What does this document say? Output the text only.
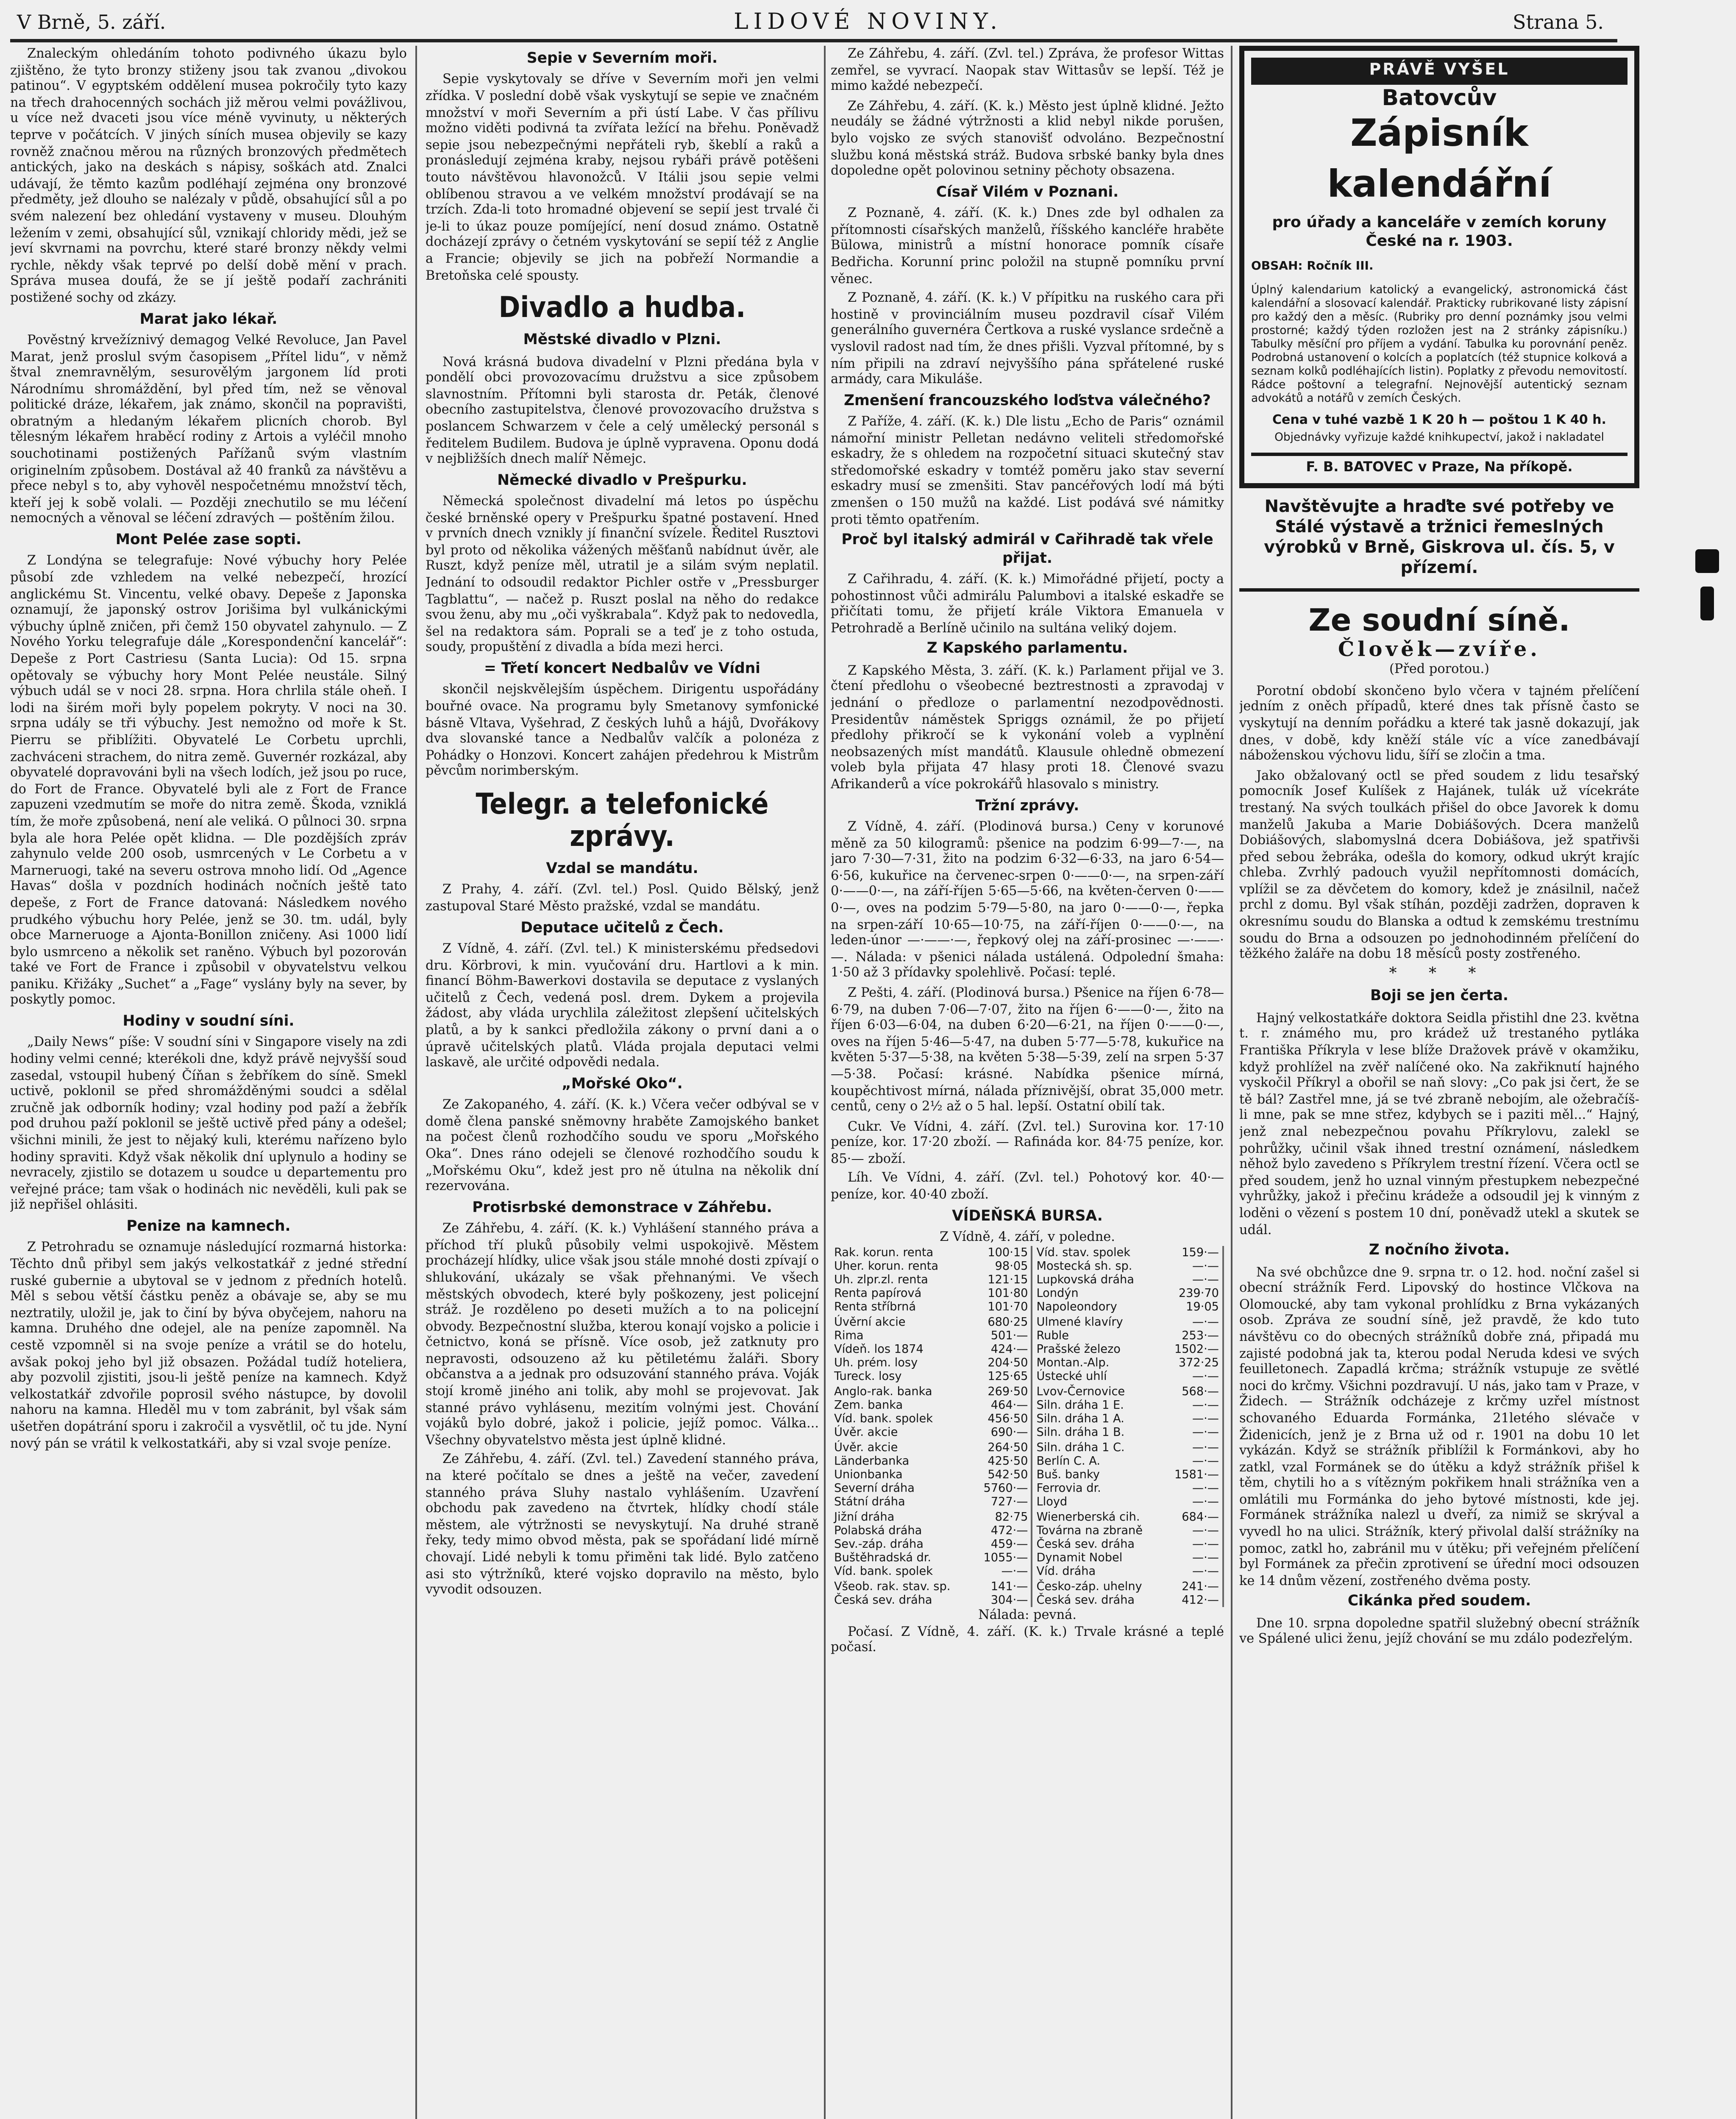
V Brně, 5. září.	LIDOVÉ NOVINY.	Strana 5.

Znaleckým ohledáním tohoto podivného úkazu bylo zjištěno, že tyto bronzy stiženy jsou tak zvanou „divokou patinou“. V egyptském oddělení musea pokročily tyto kazy na třech drahocenných sochách již měrou velmi povážlivou, u více než dvaceti jsou více méně vyvinuty, u některých teprve v počátcích. V jiných síních musea objevily se kazy rovněž značnou měrou na různých bronzových předmětech antických, jako na deskách s nápisy, soškách atd. Znalci udávají, že těmto kazům podléhají zejména ony bronzové předměty, jež dlouho se nalézaly v půdě, obsahující sůl a po svém nalezení bez ohledání vystaveny v museu. Dlouhým ležením v zemi, obsahující sůl, vznikají chloridy mědi, jež se jeví skvrnami na povrchu, které staré bronzy někdy velmi rychle, někdy však teprvé po delší době mění v prach. Správa musea doufá, že se jí ještě podaří zachrániti postižené sochy od zkázy.

Marat jako lékař.

Pověstný krvežíznivý demagog Velké Revoluce, Jan Pavel Marat, jenž proslul svým časopisem „Přítel lidu“, v němž štval znemravnělým, sesurovělým jargonem líd proti Národnímu shromáždění, byl před tím, než se věnoval politické dráze, lékařem, jak známo, skončil na popravišti, obratným a hledaným lékařem plicních chorob. Byl tělesným lékařem hraběcí rodiny z Artois a vyléčil mnoho souchotinami postižených Pařížanů svým vlastním originelním způsobem. Dostával až 40 franků za návštěvu a přece nebyl s to, aby vyhověl nespočetnému množství těch, kteří jej k sobě volali. — Později znechutilo se mu léčení nemocných a věnoval se léčení zdravých — poštěním žilou.

Mont Pelée zase sopti.

Z Londýna se telegrafuje: Nové výbuchy hory Pelée působí zde vzhledem na velké nebezpečí, hrozící anglickému St. Vincentu, velké obavy. Depeše z Japonska oznamují, že japonský ostrov Jorišima byl vulkánickými výbuchy úplně zničen, při čemž 150 obyvatel zahynulo. — Z Nového Yorku telegrafuje dále „Korespondenční kancelář“: Depeše z Port Castriesu (Santa Lucia): Od 15. srpna opětovaly se výbuchy hory Mont Pelée neustále. Silný výbuch udál se v noci 28. srpna. Hora chrlila stále oheň. I lodi na širém moři byly popelem pokryty. V noci na 30. srpna udály se tři výbuchy. Jest nemožno od moře k St. Pierru se přiblížiti. Obyvatelé Le Corbetu uprchli, zachváceni strachem, do nitra země. Guvernér rozkázal, aby obyvatelé dopravováni byli na všech lodích, jež jsou po ruce, do Fort de France. Obyvatelé byli ale z Fort de France zapuzeni vzedmutím se moře do nitra země. Škoda, vzniklá tím, že moře způsobená, není ale veliká. O půlnoci 30. srpna byla ale hora Pelée opět klidna. — Dle pozdějších zpráv zahynulo velde 200 osob, usmrcených v Le Corbetu a v Marneruogi, také na severu ostrova mnoho lidí. Od „Agence Havas“ došla v pozdních hodinách nočních ještě tato depeše, z Fort de France datovaná: Následkem nového prudkého výbuchu hory Pelée, jenž se 30. tm. udál, byly obce Marneruoge a Ajonta-Bonillon zničeny. Asi 1000 lidí bylo usmrceno a několik set raněno. Výbuch byl pozorován také ve Fort de France i způsobil v obyvatelstvu velkou paniku. Křižáky „Suchet“ a „Fage“ vyslány byly na sever, by poskytly pomoc.

Hodiny v soudní síni.

„Daily News“ píše: V soudní síni v Singapore visely na zdi hodiny velmi cenné; kterékoli dne, když právě nejvyšší soud zasedal, vstoupil hubený Číňan s žebříkem do síně. Smekl uctivě, poklonil se před shromážděnými soudci a sdělal zručně jak odborník hodiny; vzal hodiny pod paží a žebřík pod druhou paží poklonil se ještě uctivě před pány a odešel; všichni minili, že jest to nějaký kuli, kterému nařízeno bylo hodiny spraviti. Když však několik dní uplynulo a hodiny se nevracely, zjistilo se dotazem u soudce u departementu pro veřejné práce; tam však o hodinách nic nevěděli, kuli pak se již nepřišel ohlásiti.

Penize na kamnech.

Z Petrohradu se oznamuje následující rozmarná historka: Těchto dnů přibyl sem jakýs velkostatkář z jedné střední ruské gubernie a ubytoval se v jednom z předních hotelů. Měl s sebou větší částku peněz a obávaje se, aby se mu neztratily, uložil je, jak to činí by býva obyčejem, nahoru na kamna. Druhého dne odejel, ale na peníze zapomněl. Na cestě vzpomněl si na svoje peníze a vrátil se do hotelu, avšak pokoj jeho byl již obsazen. Požádal tudíž hoteliera, aby pozvolil zjistiti, jsou-li ještě peníze na kamnech. Když velkostatkář zdvořile poprosil svého nástupce, by dovolil nahoru na kamna. Hleděl mu v tom zabránit, byl však sám ušetřen dopátrání sporu i zakročil a vysvětlil, oč tu jde. Nyní nový pán se vrátil k velkostatkáři, aby si vzal svoje peníze.

Sepie v Severním moři.

Sepie vyskytovaly se dříve v Severním moři jen velmi zřídka. V poslední době však vyskytují se sepie ve značném množství v moři Severním a při ústí Labe. V čas přílivu možno viděti podivná ta zvířata ležící na břehu. Poněvadž sepie jsou nebezpečnými nepřáteli ryb, škeblí a raků a pronásledují zejména kraby, nejsou rybáři právě potěšeni touto návštěvou hlavonožců. V Itálii jsou sepie velmi oblíbenou stravou a ve velkém množství prodávají se na trzích. Zda-li toto hromadné objevení se sepií jest trvalé či je-li to úkaz pouze pomíjející, není dosud známo. Ostatně docházejí zprávy o četném vyskytování se sepií též z Anglie a Francie; objevily se jich na pobřeží Normandie a Bretoňska celé spousty.

Divadlo a hudba.
Městské divadlo v Plzni.

Nová krásná budova divadelní v Plzni předána byla v pondělí obci provozovacímu družstvu a sice způsobem slavnostním. Přítomni byli starosta dr. Peták, členové obecního zastupitelstva, členové provozovacího družstva s poslancem Schwarzem v čele a celý umělecký personál s ředitelem Budilem. Budova je úplně vypravena. Oponu dodá v nejbližších dnech malíř Němejc.

Německé divadlo v Prešpurku.

Německá společnost divadelní má letos po úspěchu české brněnské opery v Prešpurku špatné postavení. Hned v prvních dnech vznikly jí finanční svízele. Ředitel Rusztovi byl proto od několika vážených měšťanů nabídnut úvěr, ale Ruszt, když peníze měl, utratil je a silám svým neplatil. Jednání to odsoudil redaktor Pichler ostře v „Pressburger Tagblattu“, — načež p. Ruszt poslal na něho do redakce svou ženu, aby mu „oči vyškrabala“. Když pak to nedovedla, šel na redaktora sám. Poprali se a teď je z toho ostuda, soudy, propuštění z divadla a bída mezi herci.

= Třetí koncert Nedbalův ve Vídni

skončil nejskvělejším úspěchem. Dirigentu uspořádány bouřné ovace. Na programu byly Smetanovy symfonické básně Vltava, Vyšehrad, Z českých luhů a hájů, Dvořákovy dva slovanské tance a Nedbalův valčík a polonéza z Pohádky o Honzovi. Koncert zahájen předehrou k Mistrům pěvcům norimberským.

Telegr. a telefonické zprávy.
Vzdal se mandátu.

Z Prahy, 4. září. (Zvl. tel.) Posl. Quido Bělský, jenž zastupoval Staré Město pražské, vzdal se mandátu.

Deputace učitelů z Čech.

Z Vídně, 4. září. (Zvl. tel.) K ministerskému předsedovi dru. Körbrovi, k min. vyučování dru. Hartlovi a k min. financí Böhm-Bawerkovi dostavila se deputace z vyslaných učitelů z Čech, vedená posl. drem. Dykem a projevila žádost, aby vláda urychlila záležitost zlepšení učitelských platů, a by k sankci předložila zákony o první dani a o úpravě učitelských platů. Vláda projala deputaci velmi laskavě, ale určité odpovědi nedala.

„Mořské Oko“.

Ze Zakopaného, 4. září. (K. k.) Včera večer odbýval se v domě člena panské sněmovny hraběte Zamojského banket na počest členů rozhodčího soudu ve sporu „Mořského Oka“. Dnes ráno odejeli se členové rozhodčího soudu k „Mořskému Oku“, kdež jest pro ně útulna na několik dní rezervována.

Protisrbské demonstrace v Záhřebu.

Ze Záhřebu, 4. září. (K. k.) Vyhlášení stanného práva a příchod tří pluků působily velmi uspokojivě. Městem procházejí hlídky, ulice však jsou stále mnohé dosti zpívají o shlukování, ukázaly se však přehnanými. Ve všech městských obvodech, které byly poškozeny, jest policejní stráž. Je rozděleno po deseti mužích a to na policejní obvody. Bezpečnostní služba, kterou konají vojsko a policie i četnictvo, koná se přísně. Více osob, jež zatknuty pro nepravosti, odsouzeno až ku pětiletému žaláři. Sbory občanstva a a jednak pro odsuzování stanného práva. Voják stojí kromě jiného ani tolik, aby mohl se projevovat. Jak stanné právo vyhlásenu, mezitím volnými jest. Chování vojáků bylo dobré, jakož i policie, jejíž pomoc. Válka... Všechny obyvatelstvo města jest úplně klidné.

Ze Záhřebu, 4. září. (Zvl. tel.) Zavedení stanného práva, na které počítalo se dnes a ještě na večer, zavedení stanného práva Sluhy nastalo vyhlášením. Uzavření obchodu pak zavedeno na čtvrtek, hlídky chodí stále městem, ale výtržnosti se nevyskytují. Na druhé straně řeky, tedy mimo obvod města, pak se spořádaní lidé mírně chovají. Lidé nebyli k tomu přiměni tak lidé. Bylo zatčeno asi sto výtržníků, které vojsko dopravilo na město, bylo vyvodit odsouzen.

Ze Záhřebu, 4. září. (Zvl. tel.) Zpráva, že profesor Wittas zemřel, se vyvrací. Naopak stav Wittasův se lepší. Též je mimo každé nebezpečí.

Ze Záhřebu, 4. září. (K. k.) Město jest úplně klidné. Ježto neudály se žádné výtržnosti a klid nebyl nikde porušen, bylo vojsko ze svých stanovišť odvoláno. Bezpečnostní službu koná městská stráž. Budova srbské banky byla dnes dopoledne opět polovinou setniny pěchoty obsazena.

Císař Vilém v Poznani.

Z Poznaně, 4. září. (K. k.) Dnes zde byl odhalen za přítomnosti císařských manželů, říšského kancléře hraběte Bülowa, ministrů a místní honorace pomník císaře Bedřicha. Korunní princ položil na stupně pomníku první věnec.

Z Poznaně, 4. září. (K. k.) V přípitku na ruského cara při hostině v provinciálním museu pozdravil císař Vilém generálního guvernéra Čertkova a ruské vyslance srdečně a vyslovil radost nad tím, že dnes přišli. Vyzval přítomné, by s ním připili na zdraví nejvyššího pána spřátelené ruské armády, cara Mikuláše.

Zmenšení francouzského loďstva válečného?

Z Paříže, 4. září. (K. k.) Dle listu „Echo de Paris“ oznámil námořní ministr Pelletan nedávno veliteli středomořské eskadry, že s ohledem na rozpočetní situaci skutečný stav středomořské eskadry v tomtéž poměru jako stav severní eskadry musí se zmenšiti. Stav pancéřových lodí má býti zmenšen o 150 mužů na každé. List podává své námitky proti těmto opatřením.

Proč byl italský admirál v Cařihradě tak vřele přijat.

Z Cařihradu, 4. září. (K. k.) Mimořádné přijetí, pocty a pohostinnost vůči admirálu Palumbovi a italské eskadře se přičítati tomu, že přijetí krále Viktora Emanuela v Petrohradě a Berlíně učinilo na sultána veliký dojem.

Z Kapského parlamentu.

Z Kapského Města, 3. září. (K. k.) Parlament přijal ve 3. čtení předlohu o všeobecné beztrestnosti a zpravodaj v jednání o předloze o parlamentní nezodpovědnosti. Presidentův náměstek Spriggs oznámil, že po přijetí předlohy přikročí se k vykonání voleb a vyplnění neobsazených míst mandátů. Klausule ohledně obmezení voleb byla přijata 47 hlasy proti 18. Členové svazu Afrikanderů a více pokrokářů hlasovalo s ministry.

Tržní zprávy.

Z Vídně, 4. září. (Plodinová bursa.) Ceny v korunové měně za 50 kilogramů: pšenice na podzim 6·99—7·—, na jaro 7·30—7·31, žito na podzim 6·32—6·33, na jaro 6·54—6·56, kukuřice na červenec-srpen 0·——0·—, na srpen-září 0·——0·—, na září-říjen 5·65—5·66, na květen-červen 0·——0·—, oves na podzim 5·79—5·80, na jaro 0·——0·—, řepka na srpen-září 10·65—10·75, na září-říjen 0·——0·—, na leden-únor —·——·—, řepkový olej na září-prosinec —·——·—. Nálada: v pšenici nálada ustálená. Odpolední šmaha: 1·50 až 3 přídavky spolehlivě. Počasí: teplé.

Z Pešti, 4. září. (Plodinová bursa.) Pšenice na říjen 6·78—6·79, na duben 7·06—7·07, žito na říjen 6·——0·—, žito na říjen 6·03—6·04, na duben 6·20—6·21, na říjen 0·——0·—, oves na říjen 5·46—5·47, na duben 5·77—5·78, kukuřice na květen 5·37—5·38, na květen 5·38—5·39, zelí na srpen 5·37—5·38. Počasí: krásné. Nabídka pšenice mírná, koupěchtivost mírná, nálada příznivější, obrat 35,000 metr. centů, ceny o 2½ až o 5 hal. lepší. Ostatní obilí tak.

Cukr. Ve Vídni, 4. září. (Zvl. tel.) Surovina kor. 17·10 peníze, kor. 17·20 zboží. — Rafináda kor. 84·75 peníze, kor. 85·— zboží.

Líh. Ve Vídni, 4. září. (Zvl. tel.) Pohotový kor. 40·— peníze, kor. 40·40 zboží.

VÍDEŇSKÁ BURSA.
Z Vídně, 4. září, v poledne.
Rak. korun. renta	100·15	Víd. stav. spolek	159·—
Uher. korun. renta	98·05	Mostecká sh. sp.	—·—
Uh. zlpr.zl. renta	121·15	Lupkovská dráha	—·—
Renta papírová	101·80	Londýn	239·70
Renta stříbrná	101·70	Napoleondory	19·05
Úvěrní akcie	680·25	Ulmené klavíry	—·—
Rima	501·—	Ruble	253·—
Vídeň. los 1874	424·—	Prašské železo	1502·—
Uh. prém. losy	204·50	Montan.-Alp.	372·25
Tureck. losy	125·65	Ústecké uhlí	—·—
Anglo-rak. banka	269·50	Lvov-Černovice	568·—
Zem. banka	464·—	Siln. dráha 1 E.	—·—
Víd. bank. spolek	456·50	Siln. dráha 1 A.	—·—
Úvěr. akcie	690·—	Siln. dráha 1 B.	—·—
Úvěr. akcie	264·50	Siln. dráha 1 C.	—·—
Länderbanka	425·50	Berlín C. A.	—·—
Unionbanka	542·50	Buš. banky	1581·—
Severní dráha	5760·—	Ferrovia dr.	—·—
Státní dráha	727·—	Lloyd	—·—
Jižní dráha	82·75	Wienerberská cih.	684·—
Polabská dráha	472·—	Továrna na zbraně	—·—
Sev.-záp. dráha	459·—	Česká sev. dráha	—·—
Buštěhradská dr.	1055·—	Dynamit Nobel	—·—
Víd. bank. spolek	—·—	Víd. dráha	—·—
Všeob. rak. stav. sp.	141·—	Česko-záp. uhelny	241·—
Česká sev. dráha	304·—	Česká sev. dráha	412·—
Nálada: pevná.

Počasí. Z Vídně, 4. září. (K. k.) Trvale krásné a teplé počasí.

PRÁVĚ VYŠEL
Batovcův
Zápisník
kalendářní
pro úřady a kanceláře v zemích koruny České na r. 1903.
OBSAH: Ročník III.
Úplný kalendarium katolický a evangelický, astronomická část kalendářní a slosovací kalendář. Prakticky rubrikované listy zápisní pro každý den a měsíc. (Rubriky pro denní poznámky jsou velmi prostorné; každý týden rozložen jest na 2 stránky zápisníku.) Tabulky měsíční pro příjem a vydání. Tabulka ku porovnání peněz. Podrobná ustanovení o kolcích a poplatcích (též stupnice kolková a seznam kolků podléhajících listin). Poplatky z převodu nemovitostí. Rádce poštovní a telegrafní. Nejnovější autentický seznam advokátů a notářů v zemích Českých.
Cena v tuhé vazbě 1 K 20 h — poštou 1 K 40 h.
Objednávky vyřizuje každé knihkupectví, jakož i nakladatel
F. B. BATOVEC v Praze, Na příkopě.
Navštěvujte a hraďte své potřeby ve Stálé výstavě a tržnici řemeslných výrobků v Brně, Giskrova ul. čís. 5, v přízemí.
Ze soudní síně.
Člověk—zvíře.
(Před porotou.)

Porotní období skončeno bylo včera v tajném přelíčení jedním z oněch případů, které dnes tak přísně často se vyskytují na denním pořádku a které tak jasně dokazují, jak dnes, v době, kdy kněží stále víc a více zanedbávají náboženskou výchovu lidu, šíří se zločin a tma.

Jako obžalovaný octl se před soudem z lidu tesařský pomocník Josef Kulíšek z Hajánek, tulák už vícekráte trestaný. Na svých toulkách přišel do obce Javorek k domu manželů Jakuba a Marie Dobiášových. Dcera manželů Dobiášových, slabomyslná dcera Dobiášova, jež spatřivši před sebou žebráka, odešla do komory, odkud ukrýt krajíc chleba. Zvrhlý padouch využil nepřítomnosti domácích, vplížil se za děvčetem do komory, kdež je znásilnil, načež prchl z domu. Byl však stíhán, později zadržen, dopraven k okresnímu soudu do Blanska a odtud k zemskému trestnímu soudu do Brna a odsouzen po jednohodinném přelíčení do těžkého žaláře na dobu 18 měsíců posty zostřeného.

* * *
Boji se jen čerta.

Hajný velkostatkáře doktora Seidla přistihl dne 23. května t. r. známého mu, pro krádež už trestaného pytláka Františka Příkryla v lese blíže Dražovek právě v okamžiku, když prohlížel na zvěř nalíčené oko. Na zakřiknutí hajného vyskočil Příkryl a obořil se naň slovy: „Co pak jsi čert, že se tě bál? Zastřel mne, já se tvé zbraně nebojím, ale ožebračíš-li mne, pak se mne střez, kdybych se i paziti měl...“ Hajný, jenž znal nebezpečnou povahu Příkrylovu, zalekl se pohrůžky, učinil však ihned trestní oznámení, následkem něhož bylo zavedeno s Příkrylem trestní řízení. Včera octl se před soudem, jenž ho uznal vinným přestupkem nebezpečné vyhrůžky, jakož i přečinu krádeže a odsoudil jej k vinným z loděni o vězení s postem 10 dní, poněvadž utekl a skutek se udál.

Z nočního života.

Na své obchůzce dne 9. srpna tr. o 12. hod. noční zašel si obecní strážník Ferd. Lipovský do hostince Vlčkova na Olomoucké, aby tam vykonal prohlídku z Brna vykázaných osob. Zpráva ze soudní síně, jež pravdě, že kdo tuto návštěvu co do obecných strážníků dobře zná, připadá mu zajisté podobná jak ta, kterou podal Neruda kdesi ve svých feuilletonech. Zapadlá krčma; strážník vstupuje ze světlé noci do krčmy. Všichni pozdravují. U nás, jako tam v Praze, v Židech. — Strážník odcházeje z krčmy uzřel místnost schovaného Eduarda Formánka, 21letého slévače v Židenicích, jenž je z Brna už od r. 1901 na dobu 10 let vykázán. Když se strážník přiblížil k Formánkovi, aby ho zatkl, vzal Formánek se do útěku a když strážník přišel k těm, chytili ho a s vítězným pokřikem hnali strážníka ven a omlátili mu Formánka do jeho bytové místnosti, kde jej. Formánek strážníka nalezl u dveří, za nimiž se skrýval a vyvedl ho na ulici. Strážník, který přivolal další strážníky na pomoc, zatkl ho, zabránil mu v útěku; při veřejném přelíčení byl Formánek za přečin zprotivení se úřední moci odsouzen ke 14 dnům vězení, zostřeného dvěma posty.

Cikánka před soudem.

Dne 10. srpna dopoledne spatřil služebný obecní strážník ve Spálené ulici ženu, jejíž chování se mu zdálo podezřelým.
